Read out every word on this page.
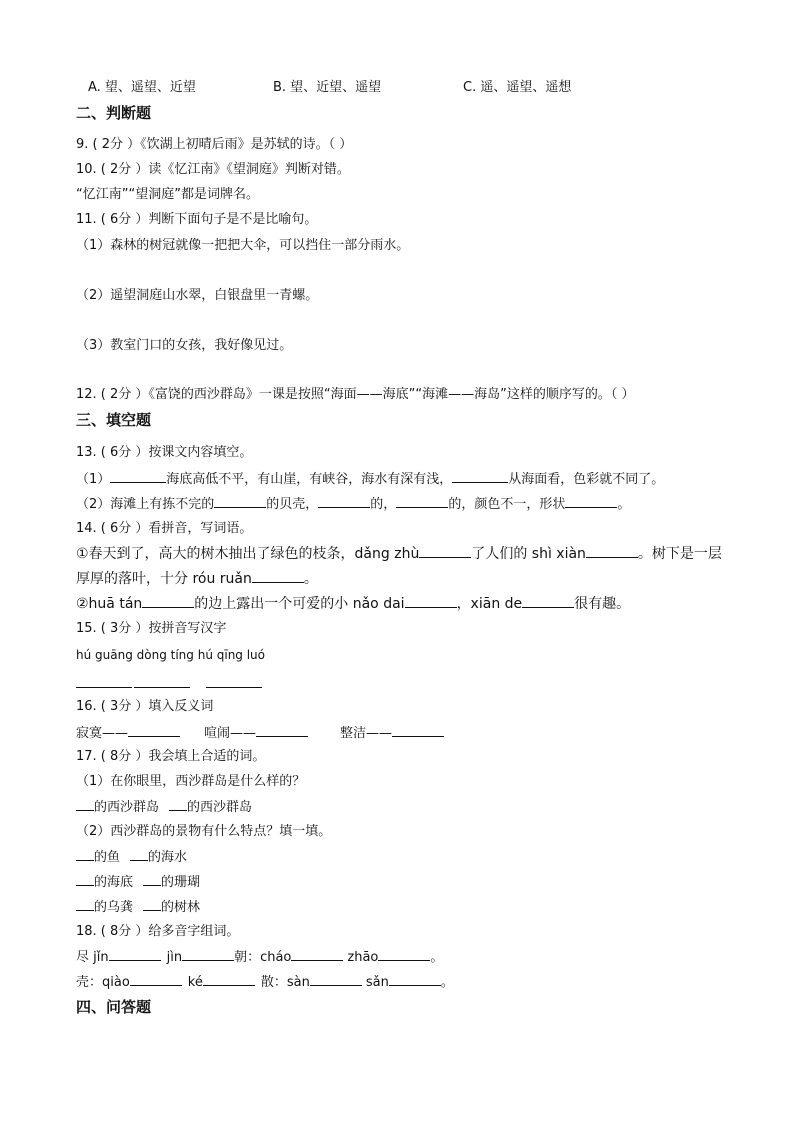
A. 望、遥望、近望	B. 望、近望、遥望	C. 遥、遥望、遥想
二、判断题
9. ( 2分 ）《饮湖上初晴后雨》是苏轼的诗。（ ）
10. ( 2分 ）读《忆江南》《望洞庭》判断对错。
“忆江南”“望洞庭”都是词牌名。
11. ( 6分 ）判断下面句子是不是比喻句。
（1）森林的树冠就像一把把大伞，可以挡住一部分雨水。
（2）遥望洞庭山水翠，白银盘里一青螺。
（3）教室门口的女孩，我好像见过。
12. ( 2分 ）《富饶的西沙群岛》一课是按照“海面——海底”“海滩——海岛”这样的顺序写的。（ ）
三、填空题
13. ( 6分 ）按课文内容填空。
（1）	海底高低不平，有山崖，有峡谷，海水有深有浅，	从海面看，色彩就不同了。
（2）海滩上有拣不完的	的贝壳，	的，	的，颜色不一，形状	。
14. ( 6分 ）看拼音，写词语。
①春天到了，高大的树木抽出了绿色的枝条，dǎng zhù	了人们的 shì xiàn	。树下是一层
厚厚的落叶，十分 róu ruǎn	。
②huā tán	的边上露出一个可爱的小 nǎo dai	，xiān de	很有趣。
15. ( 3分 ）按拼音写汉字
hú guāng dòng tíng hú qīng luó
16. ( 3分 ）填入反义词
寂寞——	喧闹——	整洁——
17. ( 8分 ）我会填上合适的词。
（1）在你眼里，西沙群岛是什么样的？
的西沙群岛 的西沙群岛
（2）西沙群岛的景物有什么特点？填一填。
的鱼 的海水
的海底 的珊瑚
的乌龚 的树林
18. ( 8分 ）给多音字组词。
尽 jǐn	jìn	朝：cháo	zhāo	。
壳：qiào	ké	散：sàn	sǎn	。
四、问答题
